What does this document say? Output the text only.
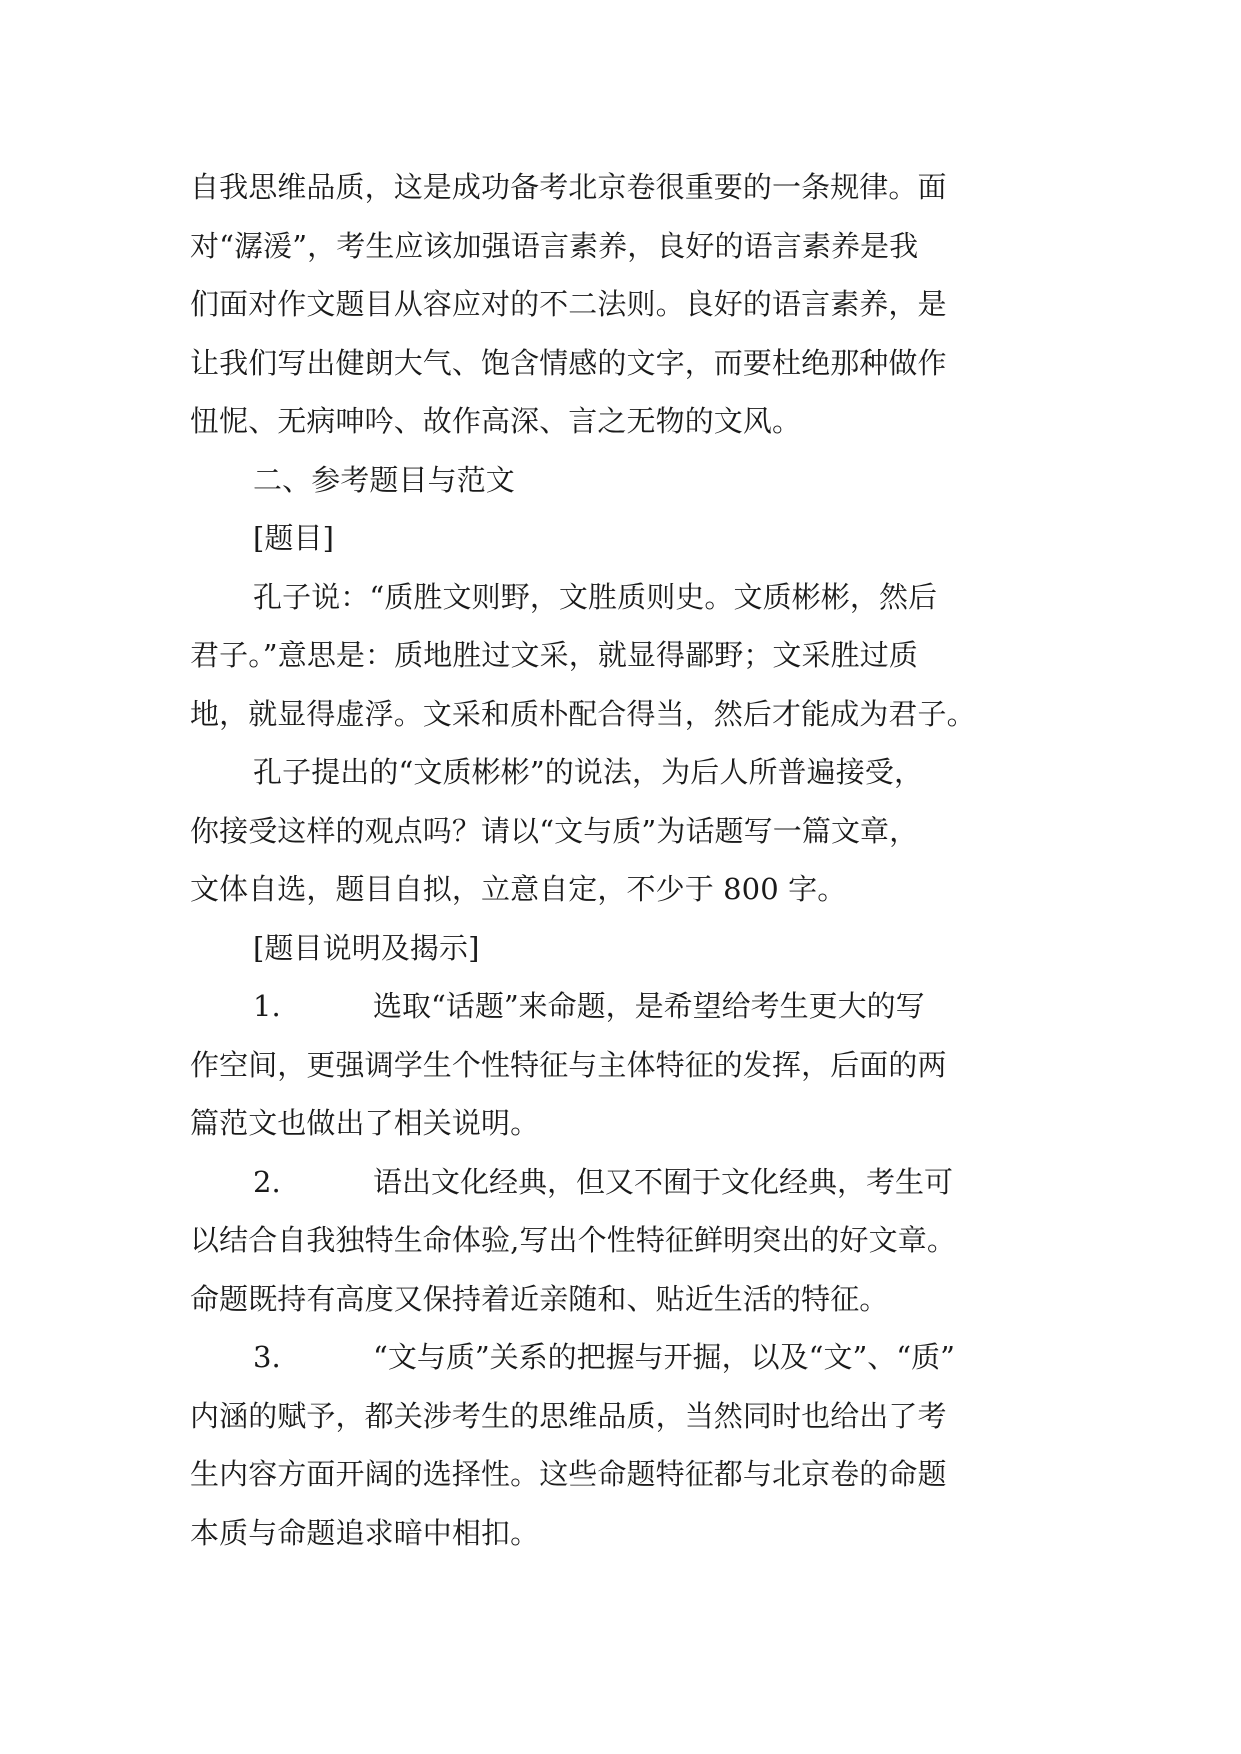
自我思维品质，这是成功备考北京卷很重要的一条规律。面
对“潺湲”，考生应该加强语言素养，良好的语言素养是我
们面对作文题目从容应对的不二法则。良好的语言素养，是
让我们写出健朗大气、饱含情感的文字，而要杜绝那种做作
忸怩、无病呻吟、故作高深、言之无物的文风。
二、参考题目与范文
[题目]
孔子说：“质胜文则野，文胜质则史。文质彬彬，然后
君子。”意思是：质地胜过文采，就显得鄙野；文采胜过质
地，就显得虚浮。文采和质朴配合得当，然后才能成为君子。
孔子提出的“文质彬彬”的说法，为后人所普遍接受，
你接受这样的观点吗？请以“文与质”为话题写一篇文章，
文体自选，题目自拟，立意自定，不少于 800 字。
[题目说明及揭示]
1.	选取“话题”来命题，是希望给考生更大的写
作空间，更强调学生个性特征与主体特征的发挥，后面的两
篇范文也做出了相关说明。
2.	语出文化经典，但又不囿于文化经典，考生可
以结合自我独特生命体验,写出个性特征鲜明突出的好文章。
命题既持有高度又保持着近亲随和、贴近生活的特征。
3.	“文与质”关系的把握与开掘，以及“文”、“质”
内涵的赋予，都关涉考生的思维品质，当然同时也给出了考
生内容方面开阔的选择性。这些命题特征都与北京卷的命题
本质与命题追求暗中相扣。
